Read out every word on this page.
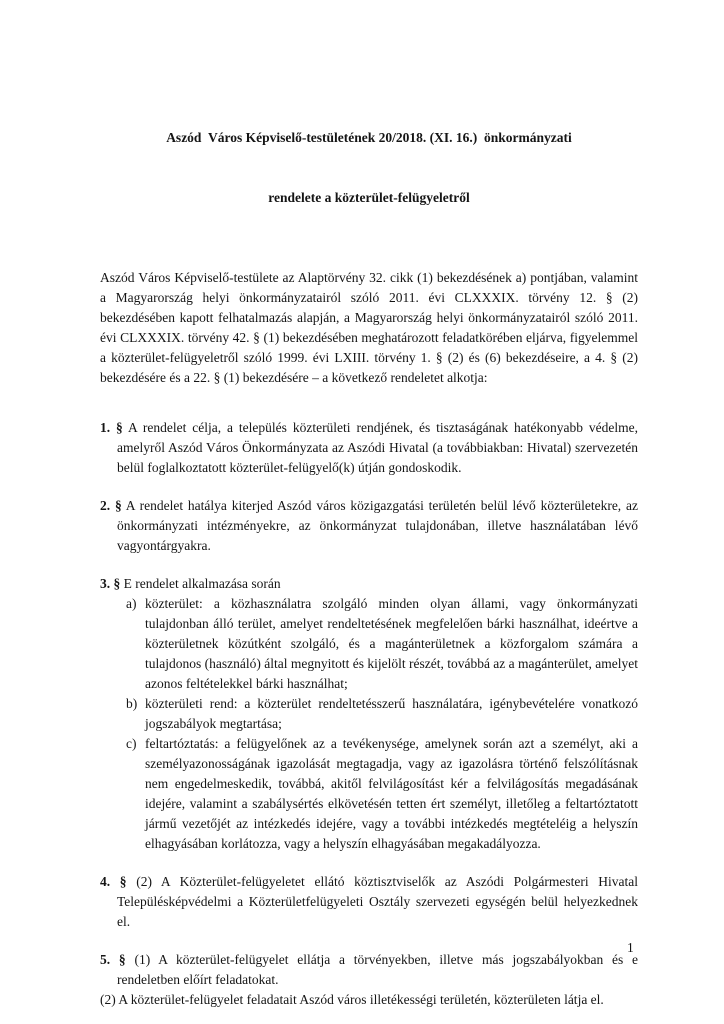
Aszód  Város Képviselő-testületének 20/2018. (XI. 16.)  önkormányzati

rendelete a közterület-felügyeletről

Aszód Város Képviselő-testülete az Alaptörvény 32. cikk (1) bekezdésének a) pontjában, valamint a Magyarország helyi önkormányzatairól szóló 2011. évi CLXXXIX. törvény 12. § (2) bekezdésében kapott felhatalmazás alapján, a Magyarország helyi önkormányzatairól szóló 2011. évi CLXXXIX. törvény 42. § (1) bekezdésében meghatározott feladatkörében eljárva, figyelemmel a közterület-felügyeletről szóló 1999. évi LXIII. törvény 1. § (2) és (6) bekezdéseire, a 4. § (2) bekezdésére és a 22. § (1) bekezdésére – a következő rendeletet alkotja:

1. § A rendelet célja, a település közterületi rendjének, és tisztaságának hatékonyabb védelme, amelyről Aszód Város Önkormányzata az Aszódi Hivatal (a továbbiakban: Hivatal) szervezetén belül foglalkoztatott közterület-felügyelő(k) útján gondoskodik.
2. § A rendelet hatálya kiterjed Aszód város közigazgatási területén belül lévő közterületekre, az önkormányzati intézményekre, az önkormányzat tulajdonában, illetve használatában lévő vagyontárgyakra.
3. § E rendelet alkalmazása során
a) közterület: a közhasználatra szolgáló minden olyan állami, vagy önkormányzati tulajdonban álló terület, amelyet rendeltetésének megfelelően bárki használhat, ideértve a közterületnek közútként szolgáló, és a magánterületnek a közforgalom számára a tulajdonos (használó) által megnyitott és kijelölt részét, továbbá az a magánterület, amelyet azonos feltételekkel bárki használhat;
b) közterületi rend: a közterület rendeltetésszerű használatára, igénybevételére vonatkozó jogszabályok megtartása;
c) feltartóztatás: a felügyelőnek az a tevékenysége, amelynek során azt a személyt, aki a személyazonosságának igazolását megtagadja, vagy az igazolásra történő felszólításnak nem engedelmeskedik, továbbá, akitől felvilágosítást kér a felvilágosítás megadásának idejére, valamint a szabálysértés elkövetésén tetten ért személyt, illetőleg a feltartóztatott jármű vezetőjét az intézkedés idejére, vagy a további intézkedés megtételéig a helyszín elhagyásában korlátozza, vagy a helyszín elhagyásában megakadályozza.
4. § (2) A Közterület-felügyeletet ellátó köztisztviselők az Aszódi Polgármesteri Hivatal Településképvédelmi a Közterületfelügyeleti Osztály szervezeti egységén belül helyezkednek el.

5. § (1) A közterület-felügyelet ellátja a törvényekben, illetve más jogszabályokban és e rendeletben előírt feladatokat.

(2) A közterület-felügyelet feladatait Aszód város illetékességi területén, közterületen látja el.

1
